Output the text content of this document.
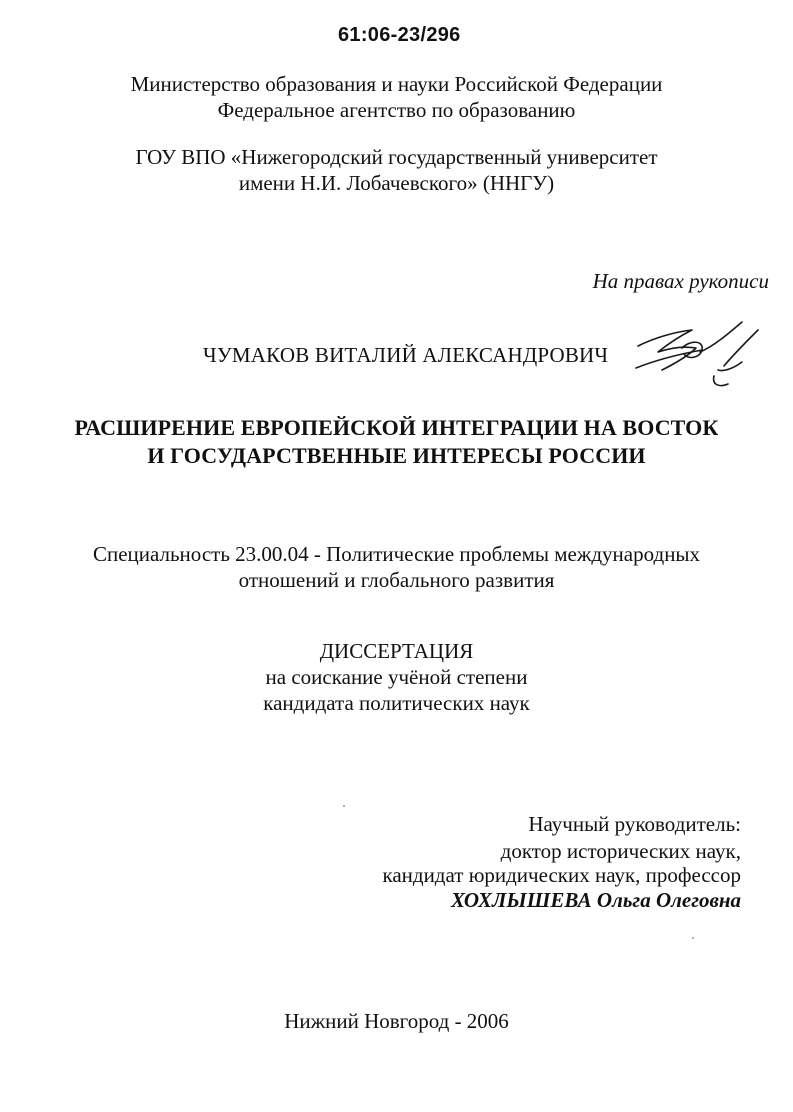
61:06-23/296
Министерство образования и науки Российской Федерации
Федеральное агентство по образованию
ГОУ ВПО «Нижегородский государственный университет
имени Н.И. Лобачевского» (ННГУ)
На правах рукописи
ЧУМАКОВ ВИТАЛИЙ АЛЕКСАНДРОВИЧ
РАСШИРЕНИЕ ЕВРОПЕЙСКОЙ ИНТЕГРАЦИИ НА ВОСТОК
И ГОСУДАРСТВЕННЫЕ ИНТЕРЕСЫ РОССИИ
Специальность 23.00.04 - Политические проблемы международных
отношений и глобального развития
ДИССЕРТАЦИЯ
на соискание учёной степени
кандидата политических наук
Научный руководитель:
доктор исторических наук,
кандидат юридических наук, профессор
ХОХЛЫШЕВА Ольга Олеговна
Нижний Новгород - 2006
